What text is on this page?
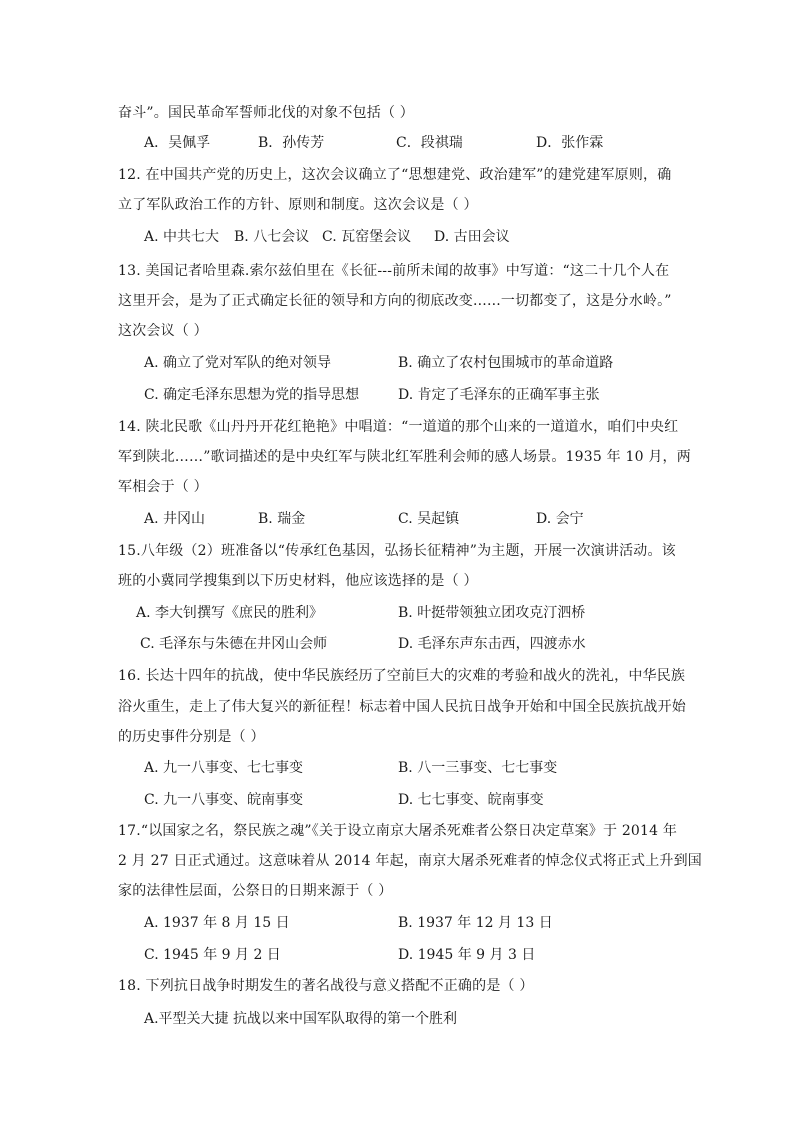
奋斗”。国民革命军誓师北伐的对象不包括（ ）
A．吴佩孚	B．孙传芳	C．段祺瑞	D．张作霖
12. 在中国共产党的历史上，这次会议确立了“思想建党、政治建军”的建党建军原则，确
立了军队政治工作的方针、原则和制度。这次会议是（ ）
A. 中共七大 B. 八七会议 C. 瓦窑堡会议 D. 古田会议
13. 美国记者哈里森.索尔兹伯里在《长征---前所未闻的故事》中写道：“这二十几个人在
这里开会，是为了正式确定长征的领导和方向的彻底改变......一切都变了，这是分水岭。”
这次会议（ ）
A. 确立了党对军队的绝对领导	B. 确立了农村包围城市的革命道路
C. 确定毛泽东思想为党的指导思想	D. 肯定了毛泽东的正确军事主张
14. 陕北民歌《山丹丹开花红艳艳》中唱道：“一道道的那个山来的一道道水，咱们中央红
军到陕北……”歌词描述的是中央红军与陕北红军胜利会师的感人场景。1935 年 10 月，两
军相会于（ ）
A. 井冈山	B. 瑞金	C. 吴起镇	D. 会宁
15.八年级（2）班准备以“传承红色基因，弘扬长征精神”为主题，开展一次演讲活动。该
班的小冀同学搜集到以下历史材料，他应该选择的是（ ）
A. 李大钊撰写《庶民的胜利》	B. 叶挺带领独立团攻克汀泗桥
C. 毛泽东与朱德在井冈山会师	D. 毛泽东声东击西，四渡赤水
16. 长达十四年的抗战，使中华民族经历了空前巨大的灾难的考验和战火的洗礼，中华民族
浴火重生，走上了伟大复兴的新征程！标志着中国人民抗日战争开始和中国全民族抗战开始
的历史事件分别是（ ）
A. 九一八事变、七七事变	B. 八一三事变、七七事变
C. 九一八事变、皖南事变	D. 七七事变、皖南事变
17.“以国家之名，祭民族之魂”《关于设立南京大屠杀死难者公祭日决定草案》于 2014 年
2 月 27 日正式通过。这意味着从 2014 年起，南京大屠杀死难者的悼念仪式将正式上升到国
家的法律性层面，公祭日的日期来源于（ ）
A. 1937 年 8 月 15 日	B. 1937 年 12 月 13 日
C. 1945 年 9 月 2 日	D. 1945 年 9 月 3 日
18. 下列抗日战争时期发生的著名战役与意义搭配不正确的是（ ）
A.平型关大捷 抗战以来中国军队取得的第一个胜利
